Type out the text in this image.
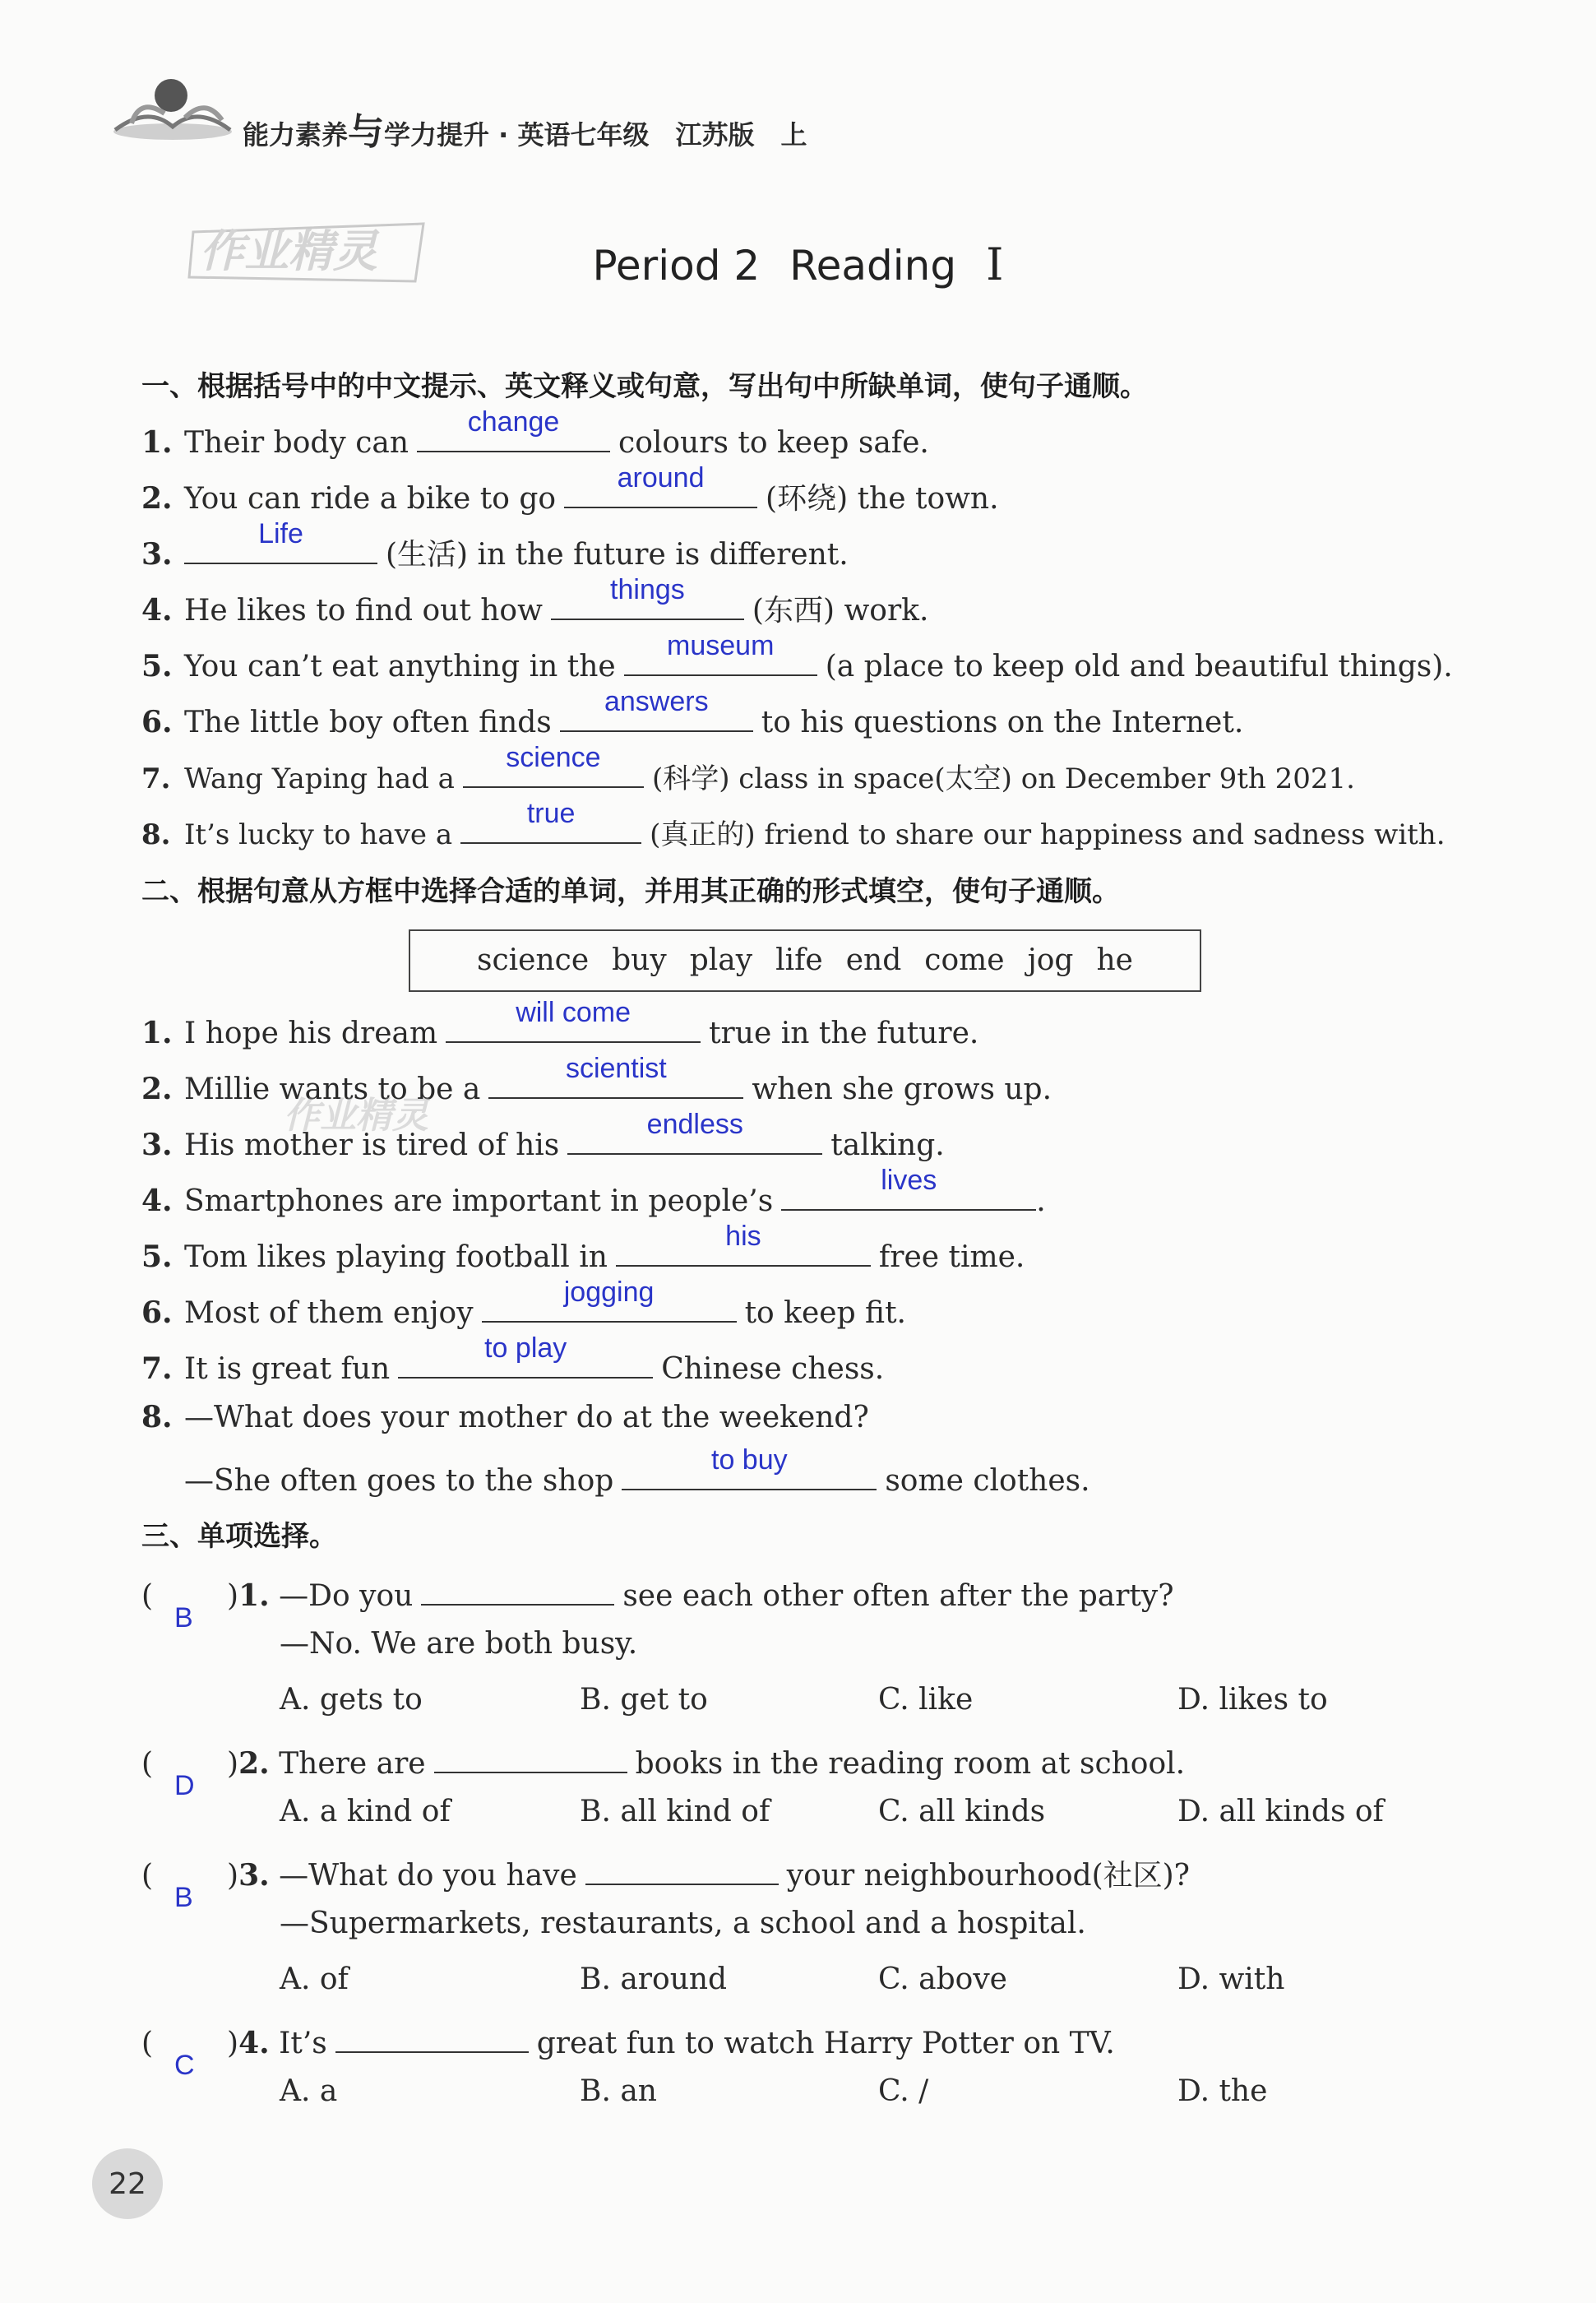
能力素养与学力提升 · 英语七年级　江苏版　上
作业精灵	Period 2 Reading Ⅰ
一、根据括号中的中文提示、英文释义或句意，写出句中所缺单词，使句子通顺。
1. Their body can
change
colours to keep safe.
2. You can ride a bike to go
around
(环绕) the town.
3.
Life
(生活) in the future is different.
4. He likes to find out how
things
(东西) work.
5. You can’t eat anything in the
museum
(a place to keep old and beautiful things).
6. The little boy often finds
answers
to his questions on the Internet.
7. Wang Yaping had a
science
(科学) class in space(太空) on December 9th 2021.
8. It’s lucky to have a
true
(真正的) friend to share our happiness and sadness with.
二、根据句意从方框中选择合适的单词，并用其正确的形式填空，使句子通顺。
science buy play life end come jog he
1. I hope his dream
will come
true in the future.
2. Millie wants to be a
scientist
when she grows up.
3. His mother is tired of his
endless
talking.
4. Smartphones are important in people’s
lives
.
5. Tom likes playing football in
his
free time.
6. Most of them enjoy
jogging
to keep fit.
7. It is great fun
to play
Chinese chess.
8. —What does your mother do at the weekend?
—She often goes to the shop
to buy
some clothes.
作业精灵
三、单项选择。
(
B
)1. —Do you	see each other often after the party?
—No. We are both busy.
A. gets to	B. get to	C. like	D. likes to
(
D
)2. There are	books in the reading room at school.
A. a kind of	B. all kind of	C. all kinds	D. all kinds of
(
B
)3. —What do you have	your neighbourhood(社区)?
—Supermarkets, restaurants, a school and a hospital.
A. of	B. around	C. above	D. with
(
C
)4. It’s	great fun to watch Harry Potter on TV.
A. a	B. an	C. /	D. the
22
